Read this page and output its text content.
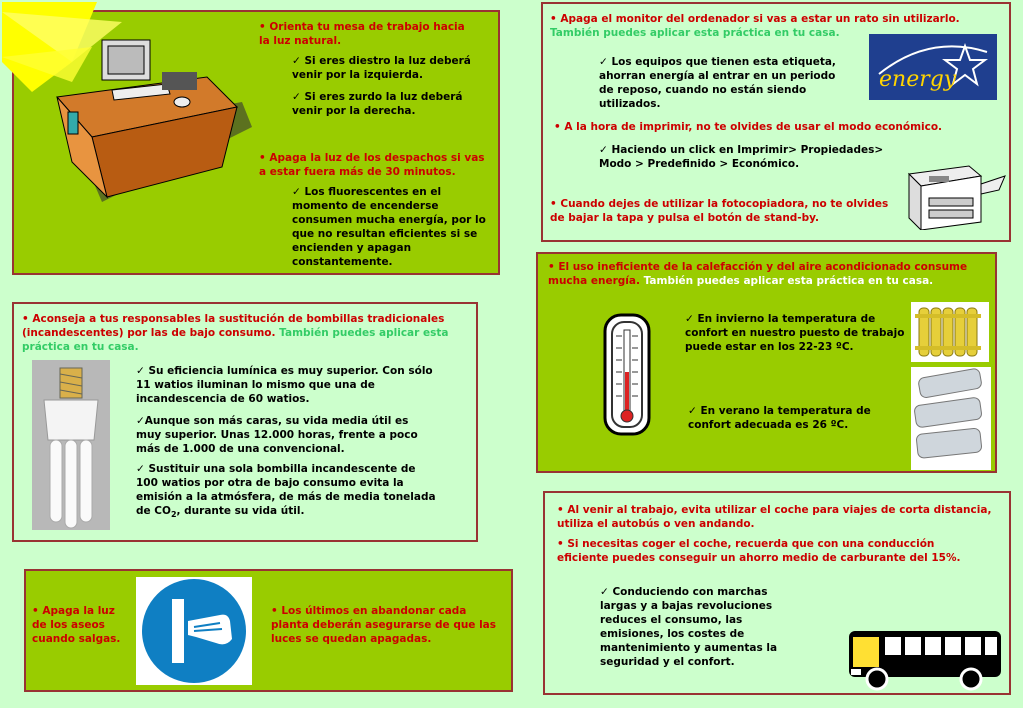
• Orienta tu mesa de trabajo hacia la luz natural.
✓ Si eres diestro la luz deberá venir por la izquierda.
✓ Si eres zurdo la luz deberá venir por la derecha.
• Apaga la luz de los despachos si vas a estar fuera más de 30 minutos.
✓ Los fluorescentes en el momento de encenderse consumen mucha energía, por lo que no resultan eficientes si se encienden y apagan constantemente.
• Apaga el monitor del ordenador si vas a estar un rato sin utilizarlo. También puedes aplicar esta práctica en tu casa.
✓ Los equipos que tienen esta etiqueta, ahorran energía al entrar en un periodo de reposo, cuando no están siendo utilizados.
energy
• A la hora de imprimir, no te olvides de usar el modo económico.
✓ Haciendo un click en Imprimir> Propiedades> Modo > Predefinido > Económico.
• Cuando dejes de utilizar la fotocopiadora, no te olvides de bajar la tapa y pulsa el botón de stand-by.
• Aconseja a tus responsables la sustitución de bombillas tradicionales (incandescentes) por las de bajo consumo. También puedes aplicar esta práctica en tu casa.
✓ Su eficiencia lumínica es muy superior. Con sólo 11 watios iluminan lo mismo que una de incandescencia de 60 watios.
✓Aunque son más caras, su vida media útil es muy superior. Unas 12.000 horas, frente a poco más de 1.000 de una convencional.
✓ Sustituir una sola bombilla incandescente de 100 watios por otra de bajo consumo evita la emisión a la atmósfera, de más de media tonelada de $CO_2$, durante su vida útil.
• El uso ineficiente de la calefacción y del aire acondicionado consume mucha energía. También puedes aplicar esta práctica en tu casa.
✓ En invierno la temperatura de confort en nuestro puesto de trabajo puede estar en los 22-23 ºC.
✓ En verano la temperatura de confort adecuada es 26 ºC.
• Apaga la luz de los aseos cuando salgas.
• Los últimos en abandonar cada planta deberán asegurarse de que las luces se quedan apagadas.
• Al venir al trabajo, evita utilizar el coche para viajes de corta distancia, utiliza el autobús o ven andando.
• Si necesitas coger el coche, recuerda que con una conducción eficiente puedes conseguir un ahorro medio de carburante del 15%.
✓ Conduciendo con marchas largas y a bajas revoluciones reduces el consumo, las emisiones, los costes de mantenimiento y aumentas la seguridad y el confort.
